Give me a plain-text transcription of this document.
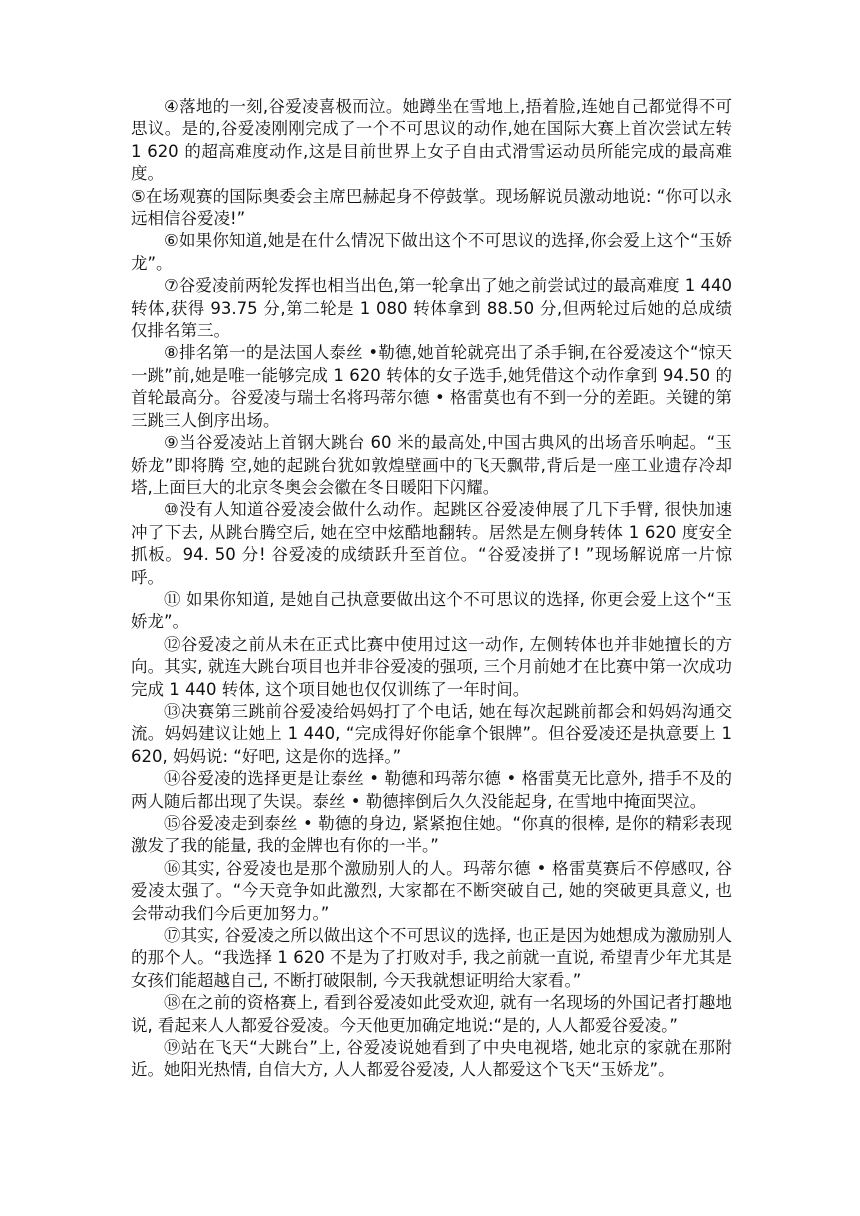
④落地的一刻,谷爱凌喜极而泣。她蹲坐在雪地上,捂着脸,连她自己都觉得不可思议。是的,谷爱凌刚刚完成了一个不可思议的动作,她在国际大赛上首次尝试左转 1 620 的超高难度动作,这是目前世界上女子自由式滑雪运动员所能完成的最高难度。

⑤在场观赛的国际奥委会主席巴赫起身不停鼓掌。现场解说员激动地说: “你可以永远相信谷爱凌!”

⑥如果你知道,她是在什么情况下做出这个不可思议的选择,你会爱上这个“玉娇龙”。

⑦谷爱凌前两轮发挥也相当出色,第一轮拿出了她之前尝试过的最高难度 1 440 转体,获得 93.75 分,第二轮是 1 080 转体拿到 88.50 分,但两轮过后她的总成绩仅排名第三。

⑧排名第一的是法国人泰丝 •勒德,她首轮就亮出了杀手锏,在谷爱凌这个“惊天一跳”前,她是唯一能够完成 1 620 转体的女子选手,她凭借这个动作拿到 94.50 的首轮最高分。谷爱凌与瑞士名将玛蒂尔德 • 格雷莫也有不到一分的差距。关键的第三跳三人倒序出场。

⑨当谷爱凌站上首钢大跳台 60 米的最高处,中国古典风的出场音乐响起。“玉娇龙”即将腾 空,她的起跳台犹如敦煌壁画中的飞天飘带,背后是一座工业遗存冷却塔,上面巨大的北京冬奥会会徽在冬日暖阳下闪耀。

⑩没有人知道谷爱凌会做什么动作。起跳区谷爱凌伸展了几下手臂, 很快加速冲了下去, 从跳台腾空后, 她在空中炫酷地翻转。居然是左侧身转体 1 620 度安全抓板。94. 50 分! 谷爱凌的成绩跃升至首位。“谷爱凌拼了! ”现场解说席一片惊呼。

⑪ 如果你知道, 是她自己执意要做出这个不可思议的选择, 你更会爱上这个“玉娇龙”。

⑫谷爱凌之前从未在正式比赛中使用过这一动作, 左侧转体也并非她擅长的方向。其实, 就连大跳台项目也并非谷爱凌的强项, 三个月前她才在比赛中第一次成功完成 1 440 转体, 这个项目她也仅仅训练了一年时间。

⑬决赛第三跳前谷爱凌给妈妈打了个电话, 她在每次起跳前都会和妈妈沟通交流。妈妈建议让她上 1 440, “完成得好你能拿个银牌”。但谷爱凌还是执意要上 1 620, 妈妈说: “好吧, 这是你的选择。”

⑭谷爱凌的选择更是让泰丝 • 勒德和玛蒂尔德 • 格雷莫无比意外, 措手不及的两人随后都出现了失误。泰丝 • 勒德摔倒后久久没能起身, 在雪地中掩面哭泣。

⑮谷爱凌走到泰丝 • 勒德的身边, 紧紧抱住她。“你真的很棒, 是你的精彩表现激发了我的能量, 我的金牌也有你的一半。”

⑯其实, 谷爱凌也是那个激励别人的人。玛蒂尔德 • 格雷莫赛后不停感叹, 谷爱凌太强了。“今天竞争如此激烈, 大家都在不断突破自己, 她的突破更具意义, 也会带动我们今后更加努力。”

⑰其实, 谷爱凌之所以做出这个不可思议的选择, 也正是因为她想成为激励别人的那个人。“我选择 1 620 不是为了打败对手, 我之前就一直说, 希望青少年尤其是女孩们能超越自己, 不断打破限制, 今天我就想证明给大家看。”

⑱在之前的资格赛上, 看到谷爱凌如此受欢迎, 就有一名现场的外国记者打趣地说, 看起来人人都爱谷爱凌。今天他更加确定地说:“是的, 人人都爱谷爱凌。”

⑲站在飞天“大跳台”上, 谷爱凌说她看到了中央电视塔, 她北京的家就在那附近。她阳光热情, 自信大方, 人人都爱谷爱凌, 人人都爱这个飞天“玉娇龙”。
